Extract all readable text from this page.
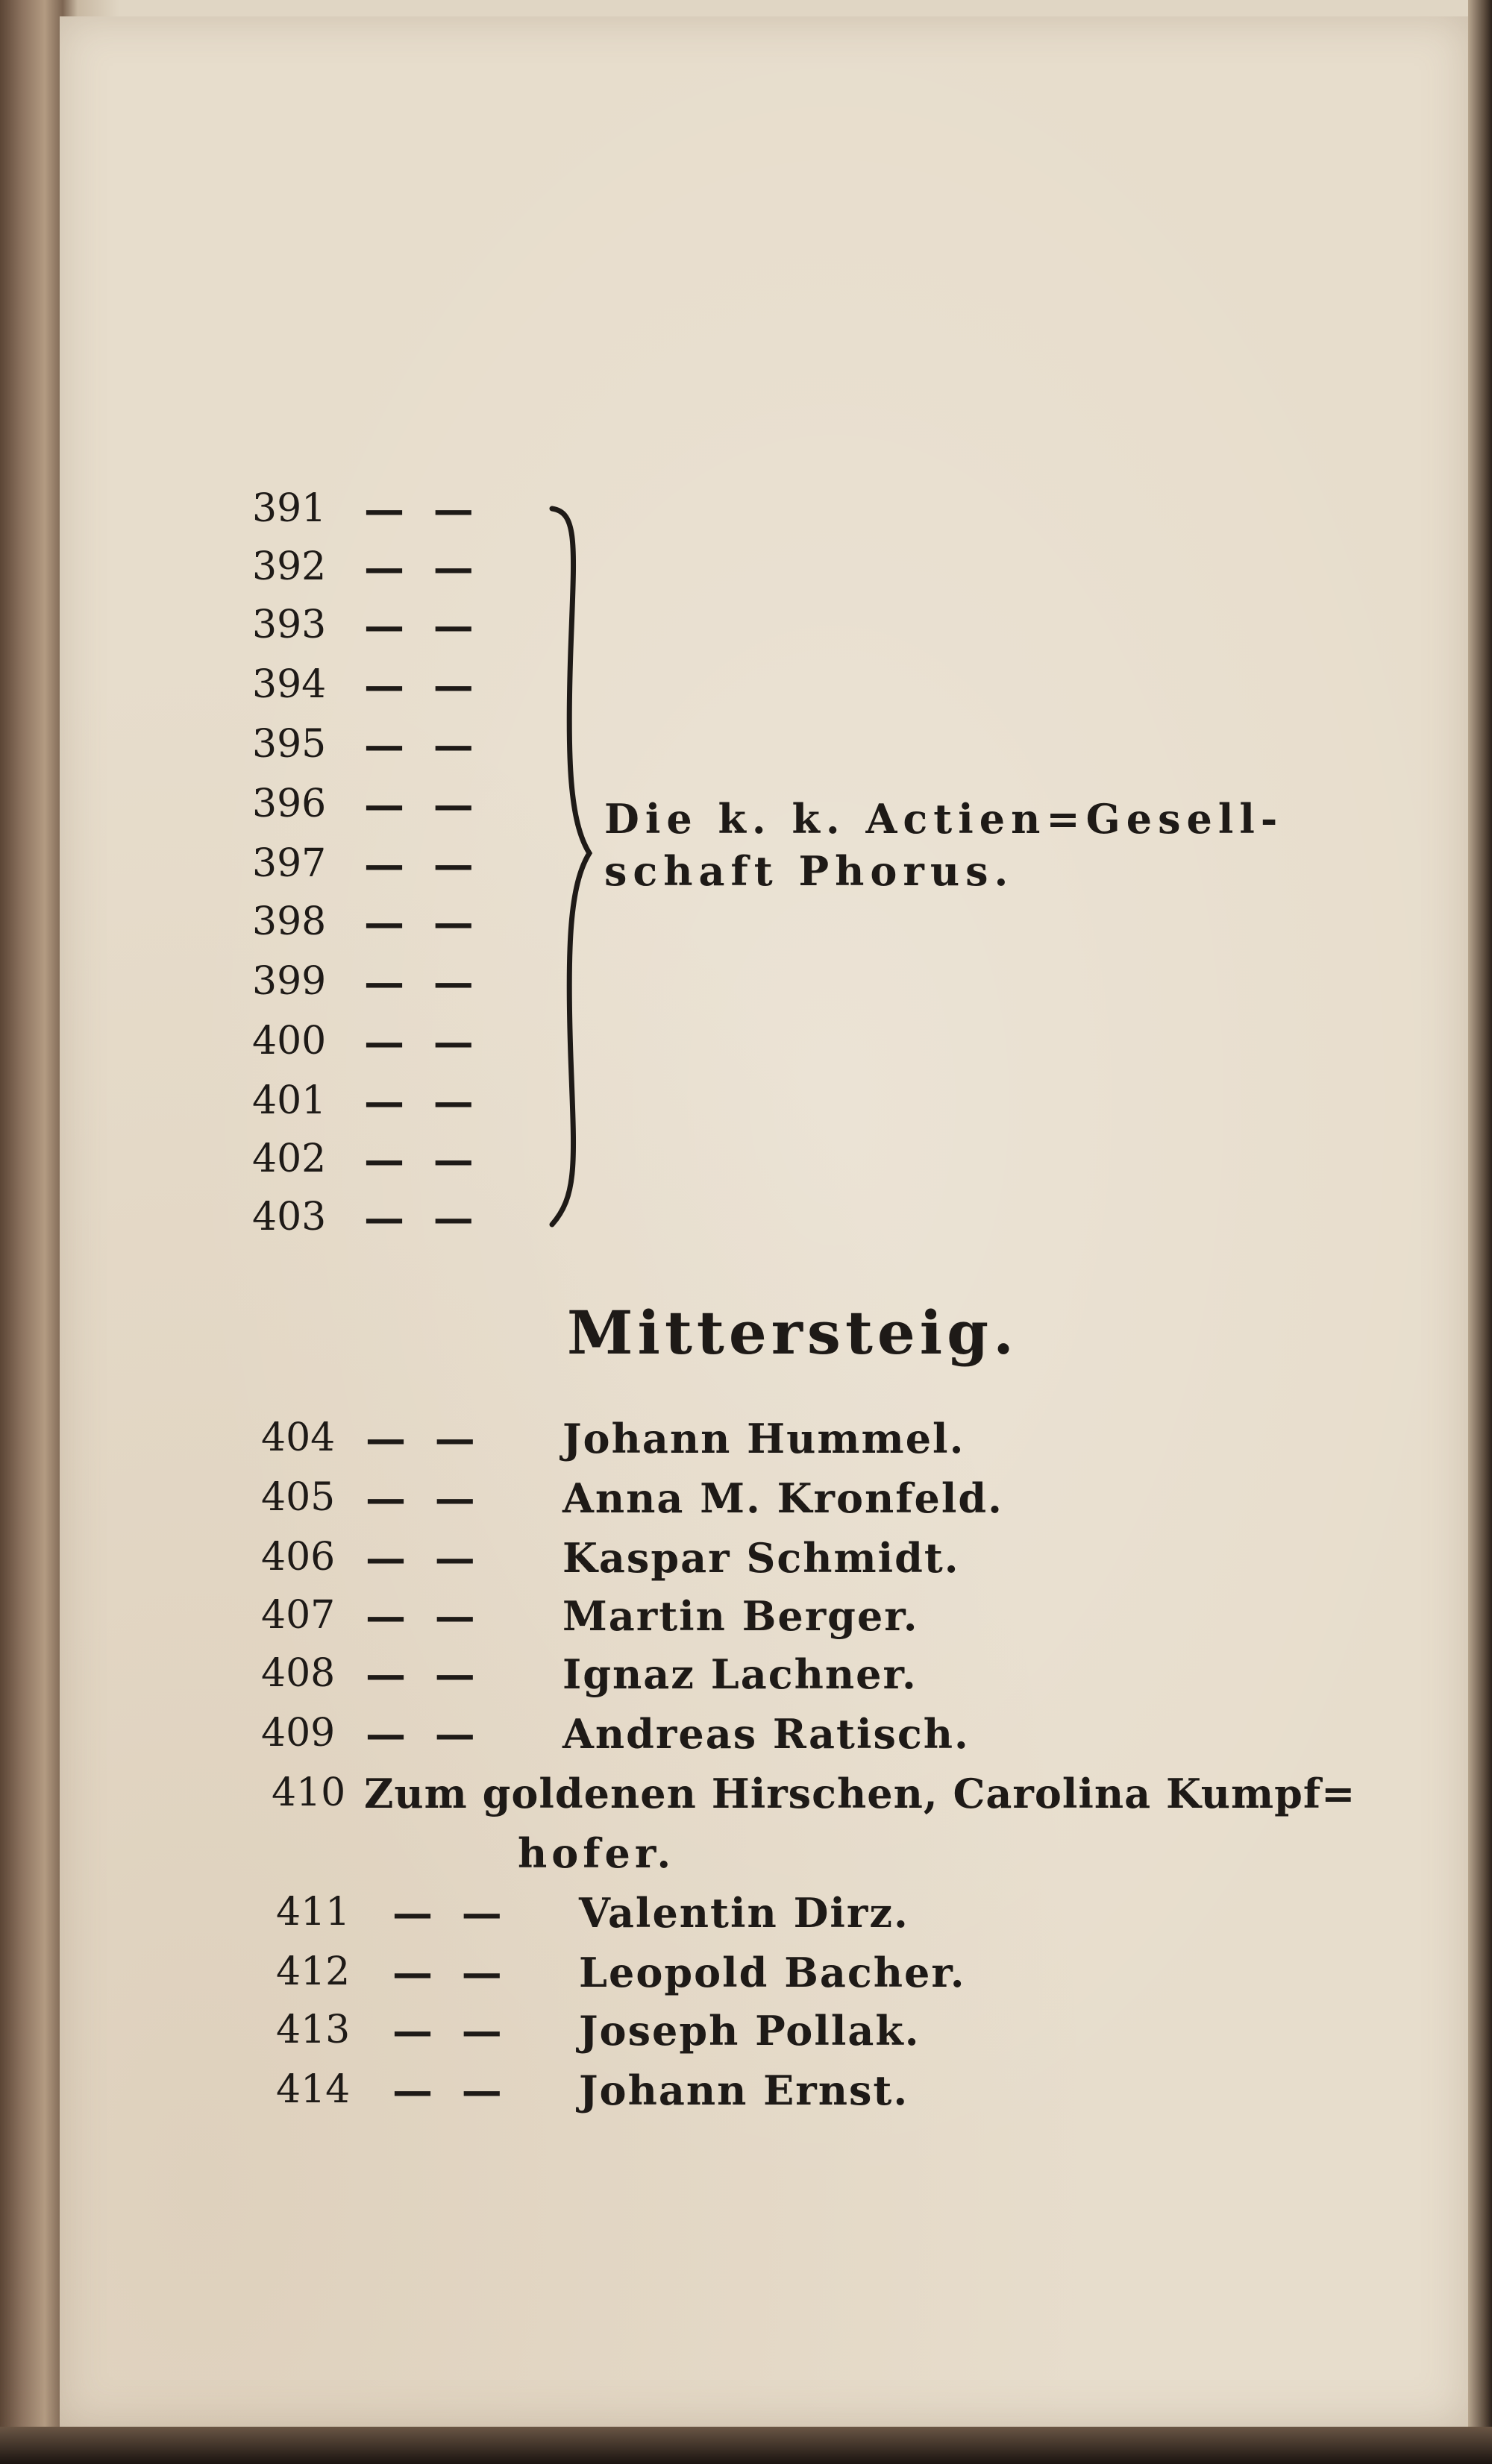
391 — —
392 — —
393 — —
394 — —
395 — —
396 — —
397 — —
398 — —
399 — —
400 — —
401 — —
402 — —
403 — —
Die k. k. Actien=Gesell-
schaft Phorus.
Mittersteig.
404 — — Johann Hummel.
405 — — Anna M. Kronfeld.
406 — — Kaspar Schmidt.
407 — — Martin Berger.
408 — — Ignaz Lachner.
409 — — Andreas Ratisch.
410 Zum goldenen Hirschen, Carolina Kumpf=
hofer.
411 — — Valentin Dirz.
412 — — Leopold Bacher.
413 — — Joseph Pollak.
414 — — Johann Ernst.
